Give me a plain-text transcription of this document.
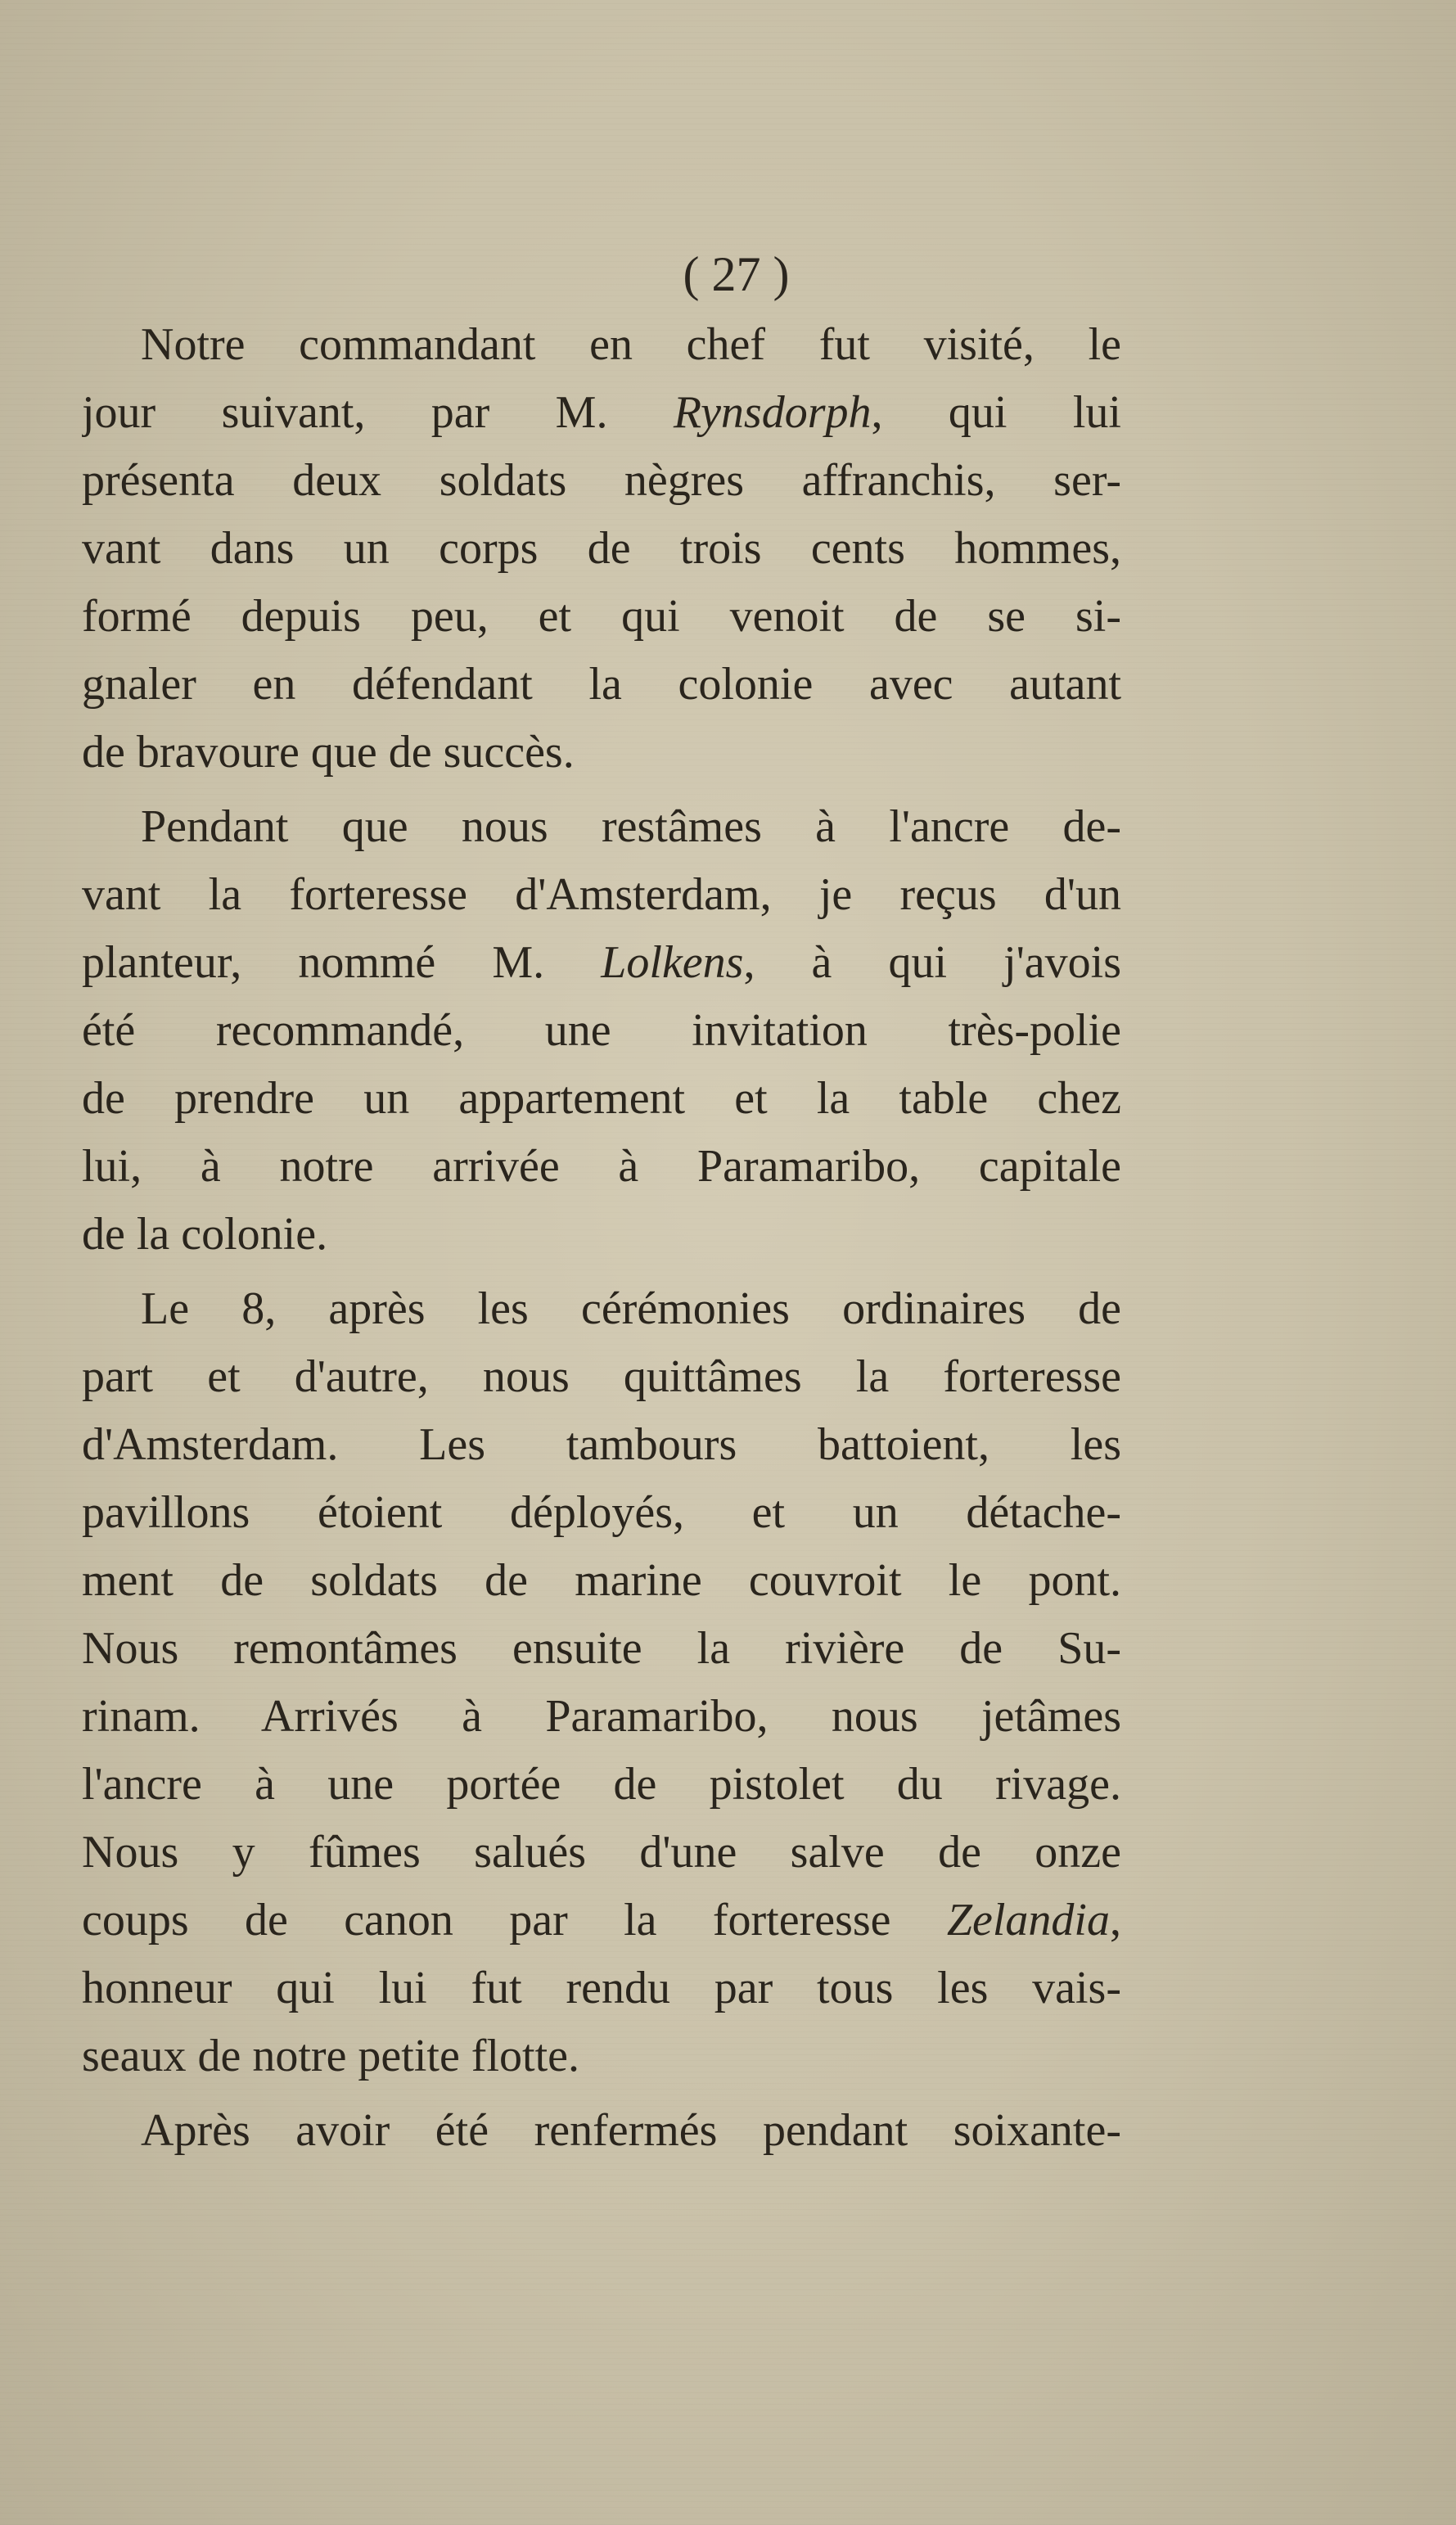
( 27 )
Notre commandant en chef fut visité, le
jour suivant, par M. Rynsdorph, qui lui
présenta deux soldats nègres affranchis, ser-
vant dans un corps de trois cents hommes,
formé depuis peu, et qui venoit de se si-
gnaler en défendant la colonie avec autant
de bravoure que de succès.
Pendant que nous restâmes à l'ancre de-
vant la forteresse d'Amsterdam, je reçus d'un
planteur, nommé M. Lolkens, à qui j'avois
été recommandé, une invitation très-polie
de prendre un appartement et la table chez
lui, à notre arrivée à Paramaribo, capitale
de la colonie.
Le 8, après les cérémonies ordinaires de
part et d'autre, nous quittâmes la forteresse
d'Amsterdam. Les tambours battoient, les
pavillons étoient déployés, et un détache-
ment de soldats de marine couvroit le pont.
Nous remontâmes ensuite la rivière de Su-
rinam. Arrivés à Paramaribo, nous jetâmes
l'ancre à une portée de pistolet du rivage.
Nous y fûmes salués d'une salve de onze
coups de canon par la forteresse Zelandia,
honneur qui lui fut rendu par tous les vais-
seaux de notre petite flotte.
Après avoir été renfermés pendant soixante-
